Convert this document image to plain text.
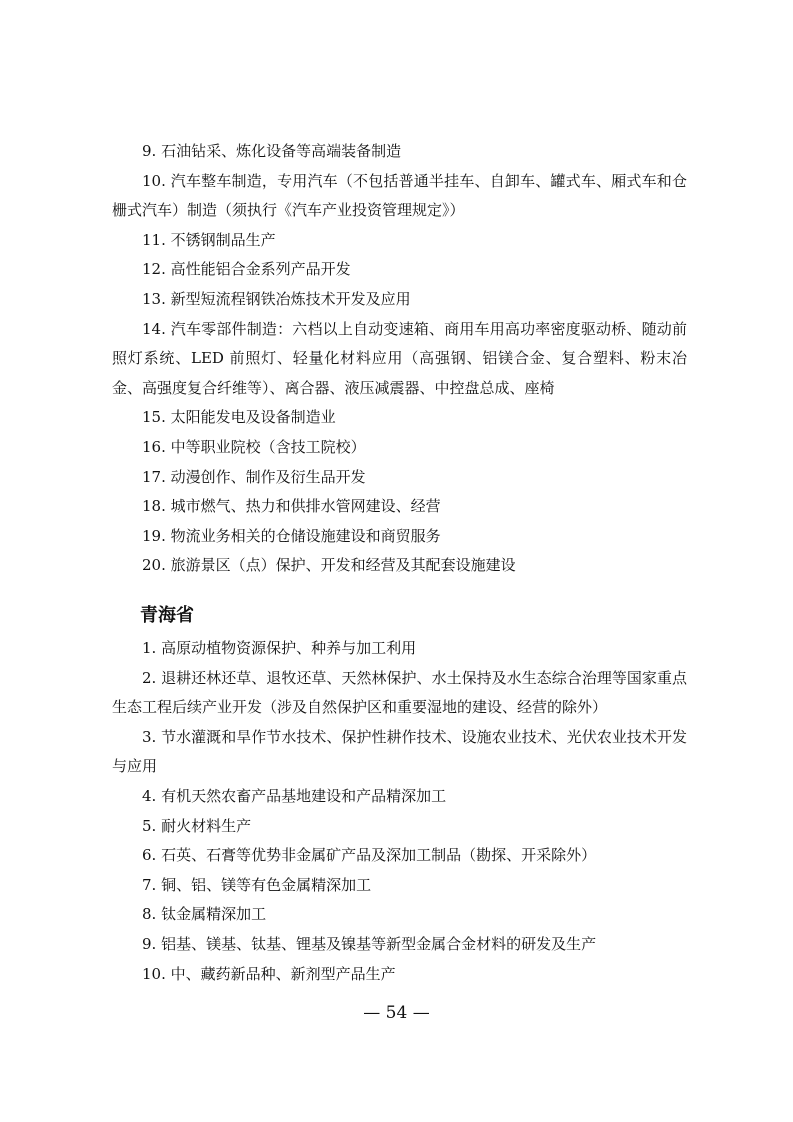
9. 石油钻采、炼化设备等高端装备制造

10. 汽车整车制造，专用汽车（不包括普通半挂车、自卸车、罐式车、厢式车和仓栅式汽车）制造（须执行《汽车产业投资管理规定》）

11. 不锈钢制品生产

12. 高性能铝合金系列产品开发

13. 新型短流程钢铁冶炼技术开发及应用

14. 汽车零部件制造：六档以上自动变速箱、商用车用高功率密度驱动桥、随动前照灯系统、LED 前照灯、轻量化材料应用（高强钢、铝镁合金、复合塑料、粉末冶金、高强度复合纤维等）、离合器、液压减震器、中控盘总成、座椅

15. 太阳能发电及设备制造业

16. 中等职业院校（含技工院校）

17. 动漫创作、制作及衍生品开发

18. 城市燃气、热力和供排水管网建设、经营

19. 物流业务相关的仓储设施建设和商贸服务

20. 旅游景区（点）保护、开发和经营及其配套设施建设

青海省

1. 高原动植物资源保护、种养与加工利用

2. 退耕还林还草、退牧还草、天然林保护、水土保持及水生态综合治理等国家重点生态工程后续产业开发（涉及自然保护区和重要湿地的建设、经营的除外）

3. 节水灌溉和旱作节水技术、保护性耕作技术、设施农业技术、光伏农业技术开发与应用

4. 有机天然农畜产品基地建设和产品精深加工

5. 耐火材料生产

6. 石英、石膏等优势非金属矿产品及深加工制品（勘探、开采除外）

7. 铜、铝、镁等有色金属精深加工

8. 钛金属精深加工

9. 铝基、镁基、钛基、锂基及镍基等新型金属合金材料的研发及生产

10. 中、藏药新品种、新剂型产品生产

— 54 —
